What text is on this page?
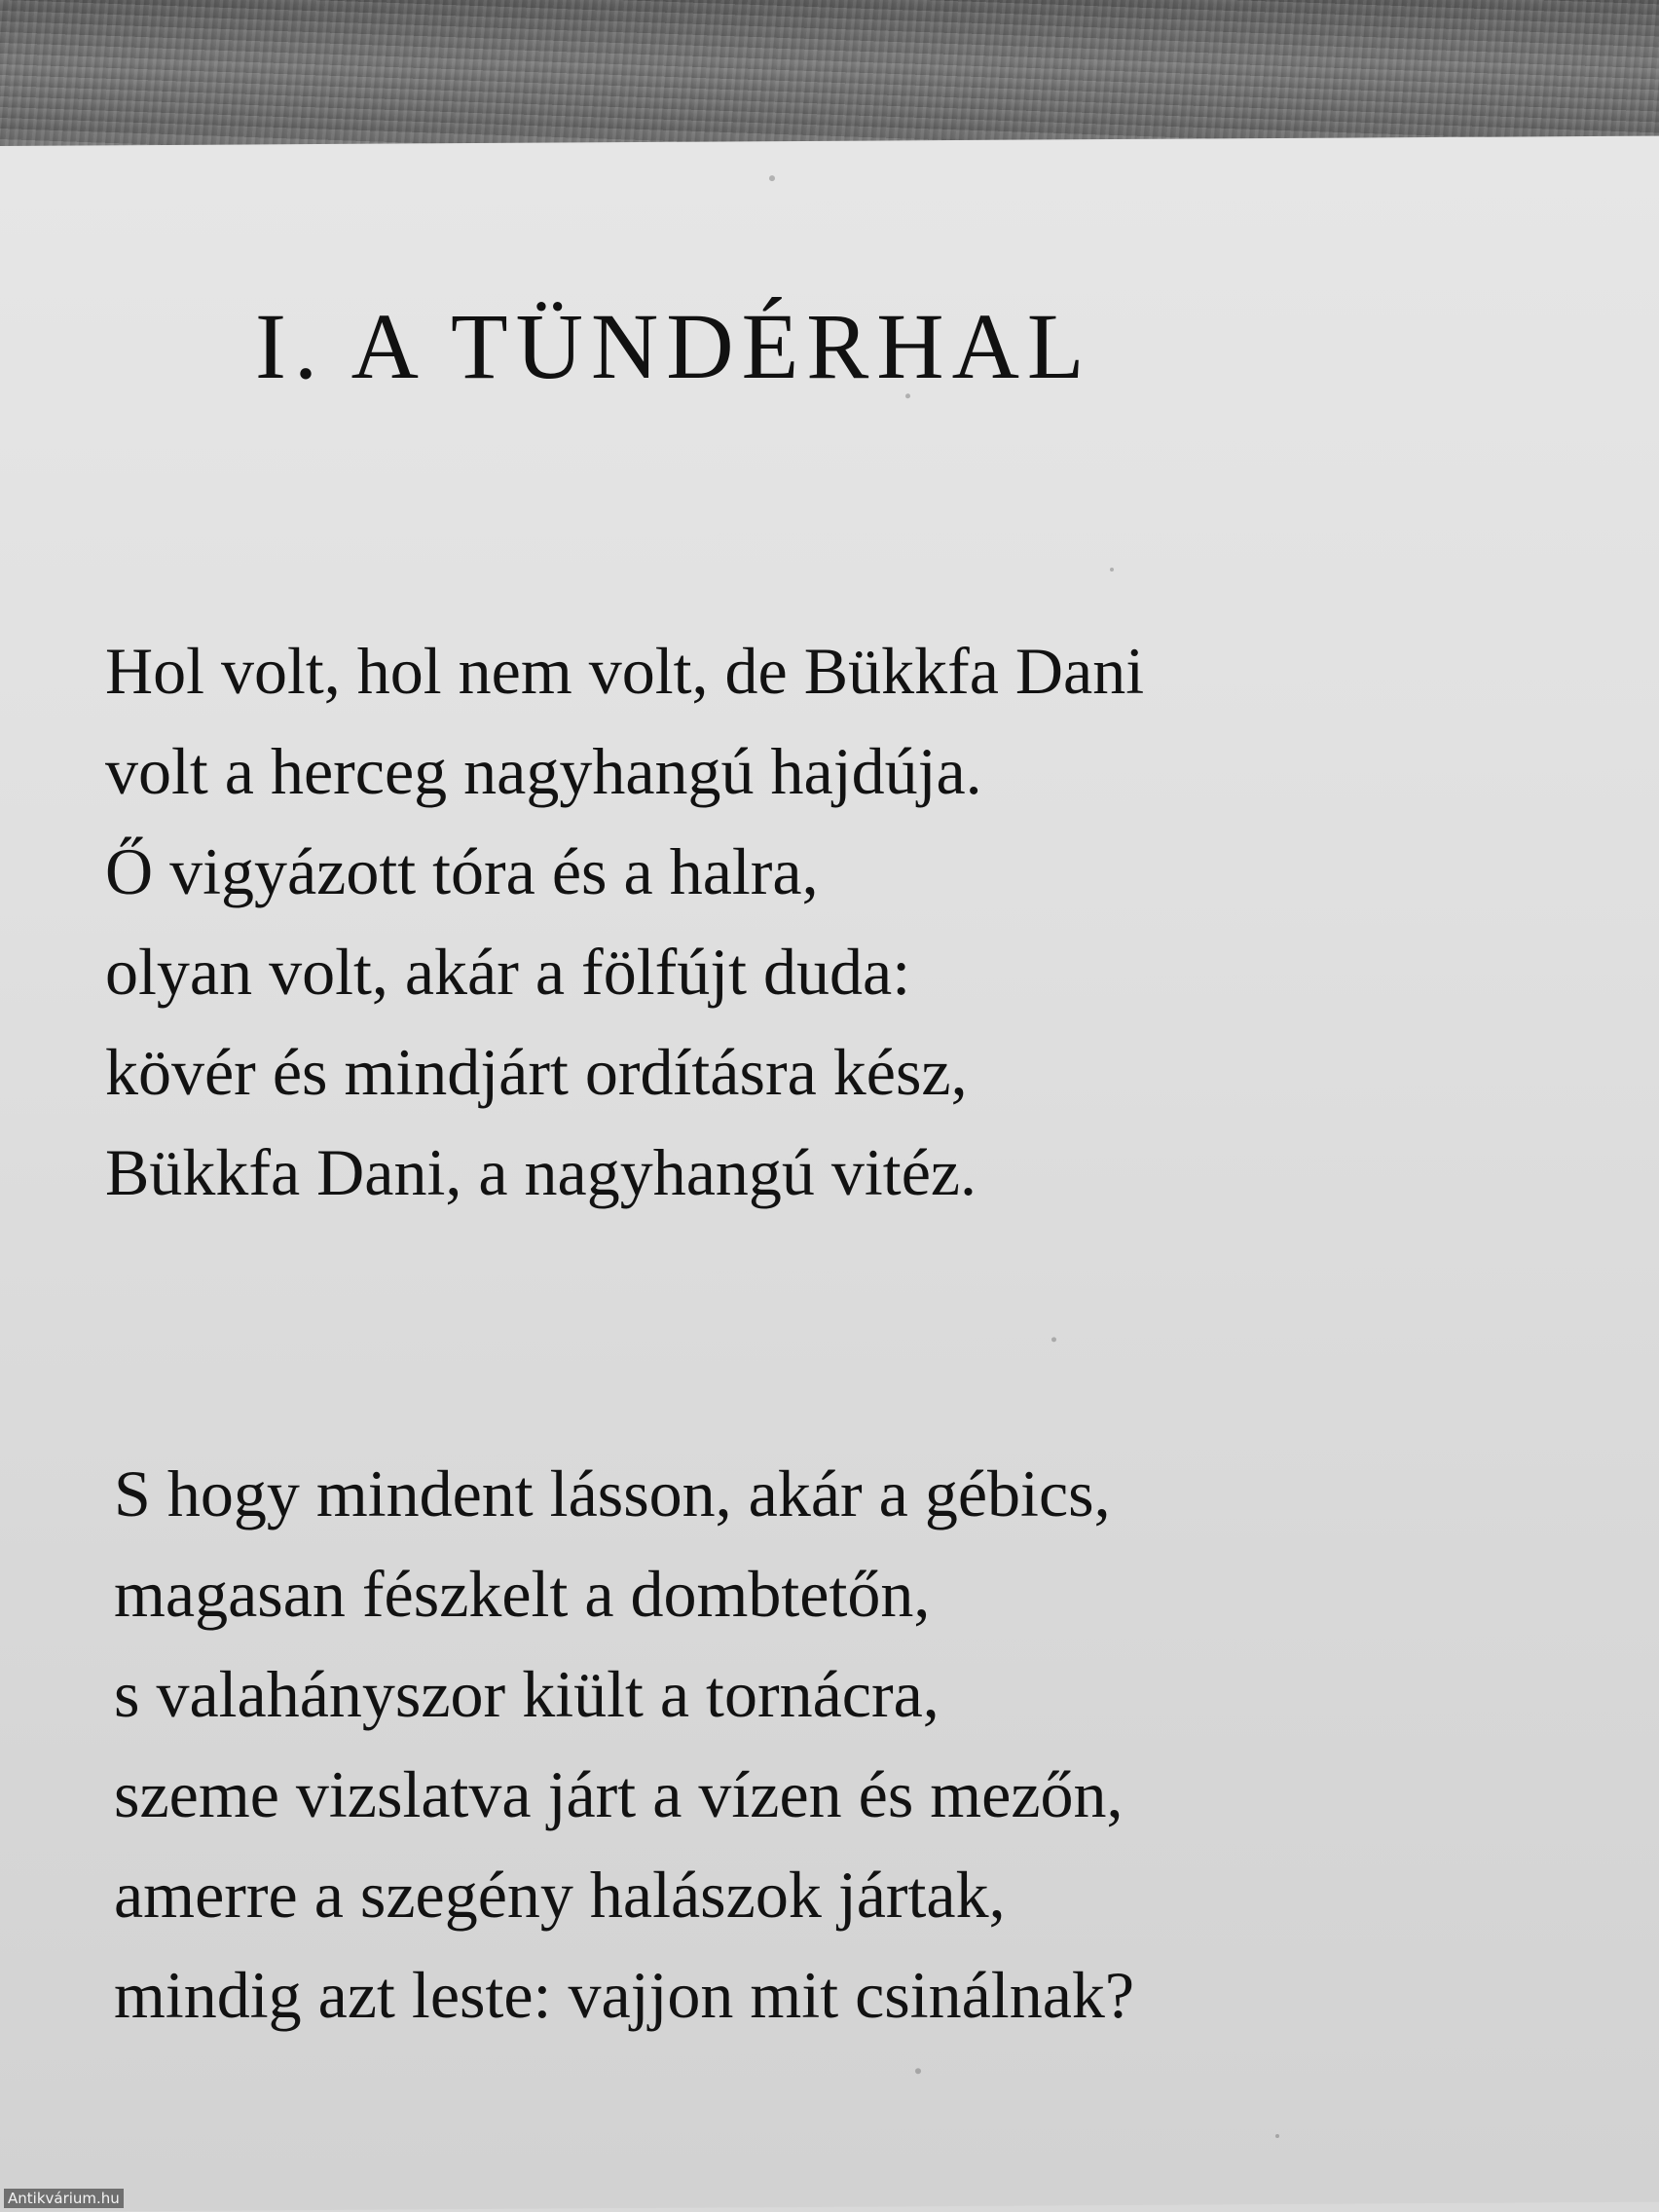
I. A TÜNDÉRHAL
Hol volt, hol nem volt, de Bükkfa Dani
volt a herceg nagyhangú hajdúja.
Ő vigyázott tóra és a halra,
olyan volt, akár a fölfújt duda:
kövér és mindjárt ordításra kész,
Bükkfa Dani, a nagyhangú vitéz.
S hogy mindent lásson, akár a gébics,
magasan fészkelt a dombtetőn,
s valahányszor kiült a tornácra,
szeme vizslatva járt a vízen és mezőn,
amerre a szegény halászok jártak,
mindig azt leste: vajjon mit csinálnak?
Antikvárium.hu
